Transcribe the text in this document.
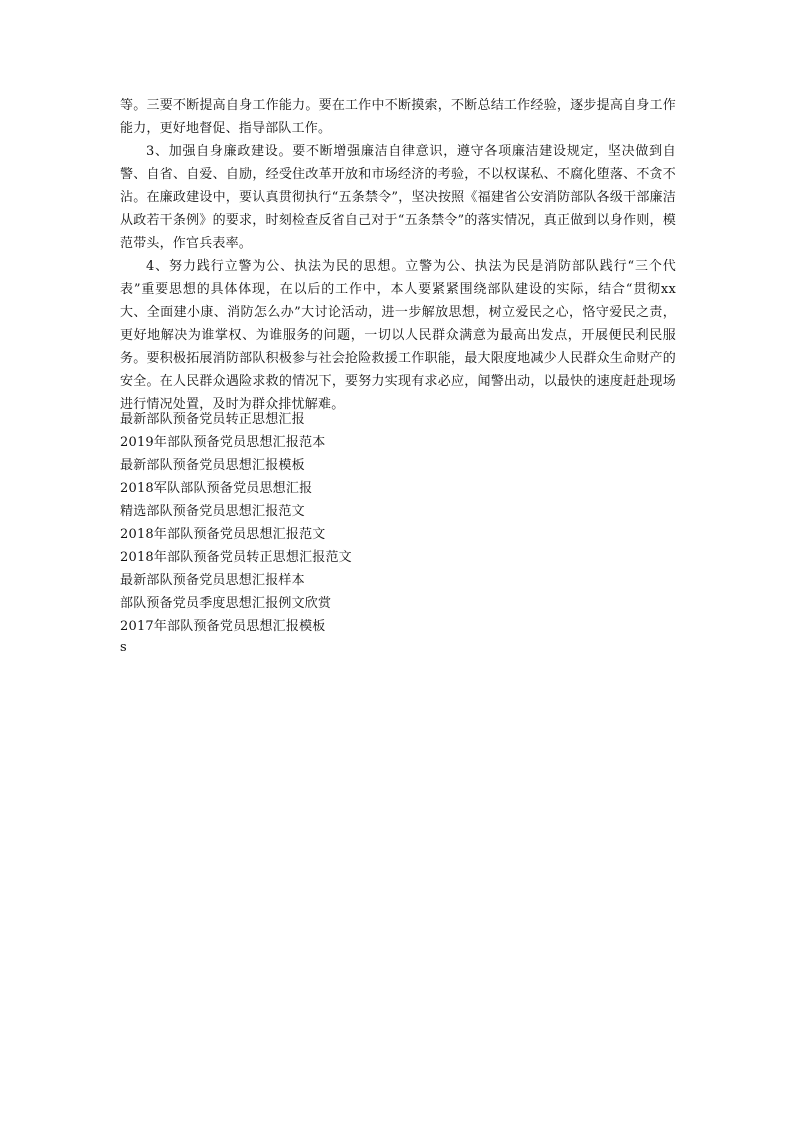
等。三要不断提高自身工作能力。要在工作中不断摸索，不断总结工作经验，逐步提高自身工作能力，更好地督促、指导部队工作。

3、加强自身廉政建设。要不断增强廉洁自律意识，遵守各项廉洁建设规定，坚决做到自警、自省、自爱、自励，经受住改革开放和市场经济的考验，不以权谋私、不腐化堕落、不贪不沾。在廉政建设中，要认真贯彻执行“五条禁令”，坚决按照《福建省公安消防部队各级干部廉洁从政若干条例》的要求，时刻检查反省自己对于“五条禁令”的落实情况，真正做到以身作则，模范带头，作官兵表率。

4、努力践行立警为公、执法为民的思想。立警为公、执法为民是消防部队践行“三个代表”重要思想的具体体现，在以后的工作中，本人要紧紧围绕部队建设的实际，结合“贯彻xx大、全面建小康、消防怎么办”大讨论活动，进一步解放思想，树立爱民之心，恪守爱民之责，更好地解决为谁掌权、为谁服务的问题，一切以人民群众满意为最高出发点，开展便民利民服务。要积极拓展消防部队积极参与社会抢险救援工作职能，最大限度地减少人民群众生命财产的安全。在人民群众遇险求救的情况下，要努力实现有求必应，闻警出动，以最快的速度赶赴现场进行情况处置，及时为群众排忧解难。

最新部队预备党员转正思想汇报
2019年部队预备党员思想汇报范本
最新部队预备党员思想汇报模板
2018军队部队预备党员思想汇报
精选部队预备党员思想汇报范文
2018年部队预备党员思想汇报范文
2018年部队预备党员转正思想汇报范文
最新部队预备党员思想汇报样本
部队预备党员季度思想汇报例文欣赏
2017年部队预备党员思想汇报模板
s
